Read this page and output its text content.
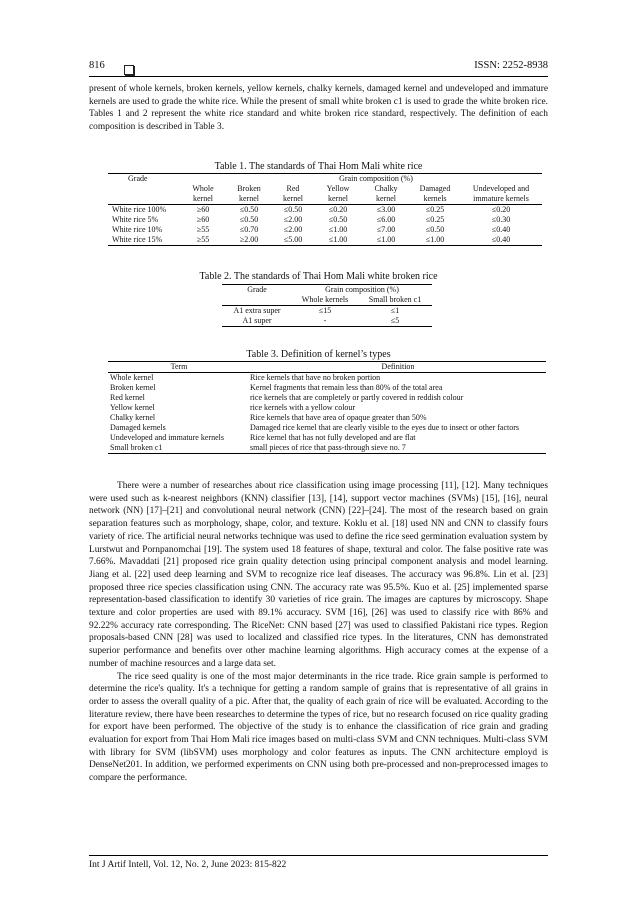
816	ISSN: 2252-8938

present of whole kernels, broken kernels, yellow kernels, chalky kernels, damaged kernel and undeveloped and immature kernels are used to grade the white rice. While the present of small white broken c1 is used to grade the white broken rice. Tables 1 and 2 represent the white rice standard and white broken rice standard, respectively. The definition of each composition is described in Table 3.

Table 1. The standards of Thai Hom Mali white rice
Grade	Grain composition (%)						
	Whole	Broken	Red	Yellow	Chalky	Damaged	Undeveloped and
	kernel	kernel	kernel	kernel	kernel	kernels	immature kernels
White rice 100%	≥60	≤0.50	≤0.50	≤0.20	≤3.00	≤0.25	≤0.20
White rice 5%	≥60	≤0.50	≤2.00	≤0.50	≤6.00	≤0.25	≤0.30
White rice 10%	≥55	≤0.70	≤2.00	≤1.00	≤7.00	≤0.50	≤0.40
White rice 15%	≥55	≥2.00	≤5.00	≤1.00	≤1.00	≤1.00	≤0.40
Table 2. The standards of Thai Hom Mali white broken rice
Grade	Grain composition (%)	
	Whole kernels	Small broken c1
A1 extra super	≤15	≤1
A1 super	-	≤5
Table 3. Definition of kernel’s types
Term	Definition
Whole kernel	Rice kernels that have no broken portion
Broken kernel	Kernel fragments that remain less than 80% of the total area
Red kernel	rice kernels that are completely or partly covered in reddish colour
Yellow kernel	rice kernels with a yellow colour
Chalky kernel	Rice kernels that have area of opaque greater than 50%
Damaged kernels	Damaged rice kernel that are clearly visible to the eyes due to insect or other factors
Undeveloped and immature kernels	Rice kernel that has not fully developed and are flat
Small broken c1	small pieces of rice that pass-through sieve no. 7

There were a number of researches about rice classification using image processing [11], [12]. Many techniques were used such as k-nearest neighbors (KNN) classifier [13], [14], support vector machines (SVMs) [15], [16], neural network (NN) [17]–[21] and convolutional neural network (CNN) [22]–[24]. The most of the research based on grain separation features such as morphology, shape, color, and texture. Koklu et al. [18] used NN and CNN to classify fours variety of rice. The artificial neural networks technique was used to define the rice seed germination evaluation system by Lurstwut and Pornpanomchai [19]. The system used 18 features of shape, textural and color. The false positive rate was 7.66%. Mavaddati [21] proposed rice grain quality detection using principal component analysis and model learning. Jiang et al. [22] used deep learning and SVM to recognize rice leaf diseases. The accuracy was 96.8%. Lin et al. [23] proposed three rice species classification using CNN. The accuracy rate was 95.5%. Kuo et al. [25] implemented sparse representation-based classification to identify 30 varieties of rice grain. The images are captures by microscopy. Shape texture and color properties are used with 89.1% accuracy. SVM [16], [26] was used to classify rice with 86% and 92.22% accuracy rate corresponding. The RiceNet: CNN based [27] was used to classified Pakistani rice types. Region proposals-based CNN [28] was used to localized and classified rice types. In the literatures, CNN has demonstrated superior performance and benefits over other machine learning algorithms. High accuracy comes at the expense of a number of machine resources and a large data set.

The rice seed quality is one of the most major determinants in the rice trade. Rice grain sample is performed to determine the rice's quality. It's a technique for getting a random sample of grains that is representative of all grains in order to assess the overall quality of a pic. After that, the quality of each grain of rice will be evaluated. According to the literature review, there have been researches to determine the types of rice, but no research focused on rice quality grading for export have been performed. The objective of the study is to enhance the classification of rice grain and grading evaluation for export from Thai Hom Mali rice images based on multi-class SVM and CNN techniques. Multi-class SVM with library for SVM (libSVM) uses morphology and color features as inputs. The CNN architecture employd is DenseNet201. In addition, we performed experiments on CNN using both pre-processed and non-preprocessed images to compare the performance.

Int J Artif Intell, Vol. 12, No. 2, June 2023: 815-822
